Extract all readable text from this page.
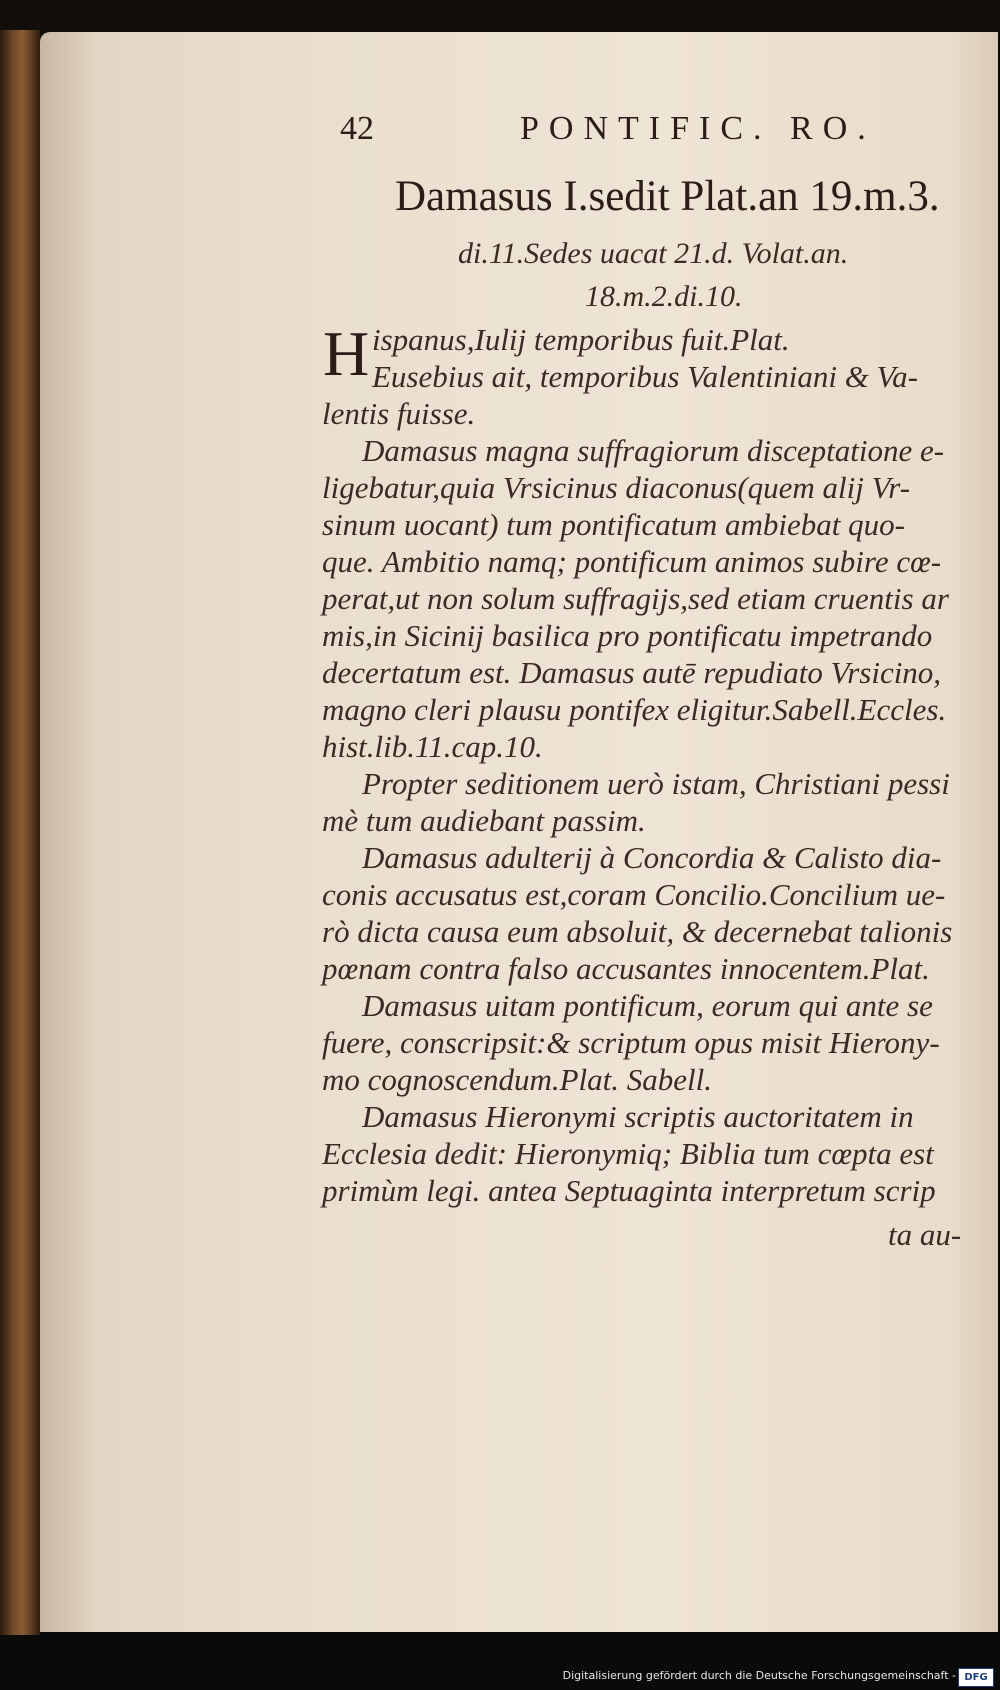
42	PONTIFIC. RO.
Damasus I.sedit Plat.an 19.m.3.
di.11.Sedes uacat 21.d. Volat.an.
18.m.2.di.10.
H ispanus,Iulij temporibus fuit.Plat.
Eusebius ait, temporibus Valentiniani & Va-
lentis fuisse.
Damasus magna suffragiorum disceptatione e-
ligebatur,quia Vrsicinus diaconus(quem alij Vr-
sinum uocant) tum pontificatum ambiebat quo-
que. Ambitio namq; pontificum animos subire cœ-
perat,ut non solum suffragijs,sed etiam cruentis ar
mis,in Sicinij basilica pro pontificatu impetrando
decertatum est. Damasus autē repudiato Vrsicino,
magno cleri plausu pontifex eligitur.Sabell.Eccles.
hist.lib.11.cap.10.
Propter seditionem uerò istam, Christiani pessi
mè tum audiebant passim.
Damasus adulterij à Concordia & Calisto dia-
conis accusatus est,coram Concilio.Concilium ue-
rò dicta causa eum absoluit, & decernebat talionis
pœnam contra falso accusantes innocentem.Plat.
Damasus uitam pontificum, eorum qui ante se
fuere, conscripsit:& scriptum opus misit Hierony-
mo cognoscendum.Plat. Sabell.
Damasus Hieronymi scriptis auctoritatem in
Ecclesia dedit: Hieronymiq; Biblia tum cœpta est
primùm legi. antea Septuaginta interpretum scrip
ta au-
Digitalisierung gefördert durch die Deutsche Forschungsgemeinschaft - DFG
